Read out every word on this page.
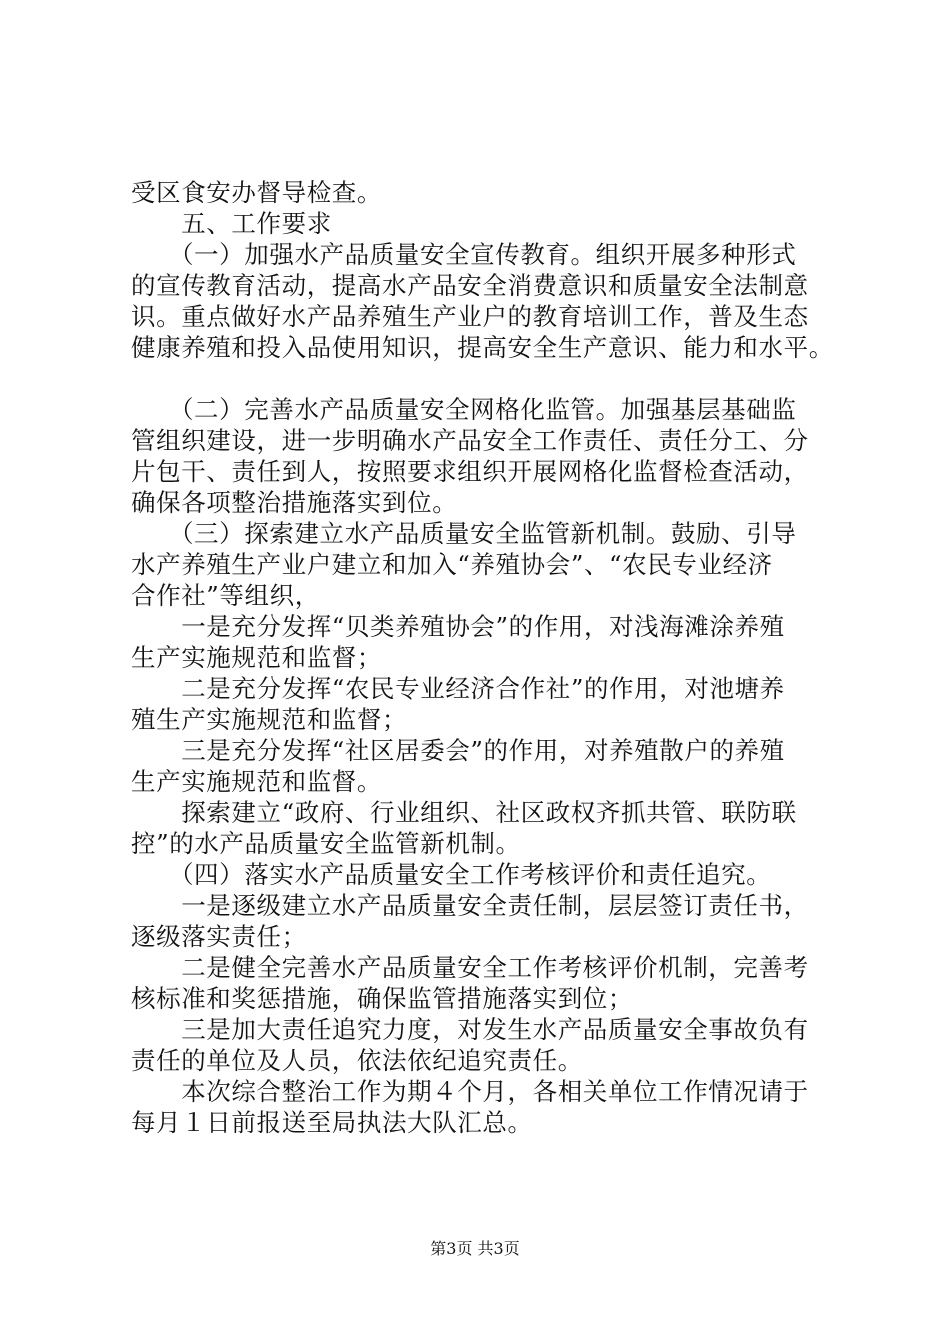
受区食安办督导检查。
　　五、工作要求
　　（一）加强水产品质量安全宣传教育。组织开展多种形式
的宣传教育活动，提高水产品安全消费意识和质量安全法制意
识。重点做好水产品养殖生产业户的教育培训工作，普及生态
健康养殖和投入品使用知识，提高安全生产意识、能力和水平。
　　（二）完善水产品质量安全网格化监管。加强基层基础监
管组织建设，进一步明确水产品安全工作责任、责任分工、分
片包干、责任到人，按照要求组织开展网格化监督检查活动，
确保各项整治措施落实到位。
　　（三）探索建立水产品质量安全监管新机制。鼓励、引导
水产养殖生产业户建立和加入“养殖协会”、“农民专业经济
合作社”等组织，
　　一是充分发挥“贝类养殖协会”的作用，对浅海滩涂养殖
生产实施规范和监督；
　　二是充分发挥“农民专业经济合作社”的作用，对池塘养
殖生产实施规范和监督；
　　三是充分发挥“社区居委会”的作用，对养殖散户的养殖
生产实施规范和监督。
　　探索建立“政府、行业组织、社区政权齐抓共管、联防联
控”的水产品质量安全监管新机制。
　　（四）落实水产品质量安全工作考核评价和责任追究。
　　一是逐级建立水产品质量安全责任制，层层签订责任书，
逐级落实责任；
　　二是健全完善水产品质量安全工作考核评价机制，完善考
核标准和奖惩措施，确保监管措施落实到位；
　　三是加大责任追究力度，对发生水产品质量安全事故负有
责任的单位及人员，依法依纪追究责任。
　　本次综合整治工作为期４个月，各相关单位工作情况请于
每月１日前报送至局执法大队汇总。
第3页 共3页
